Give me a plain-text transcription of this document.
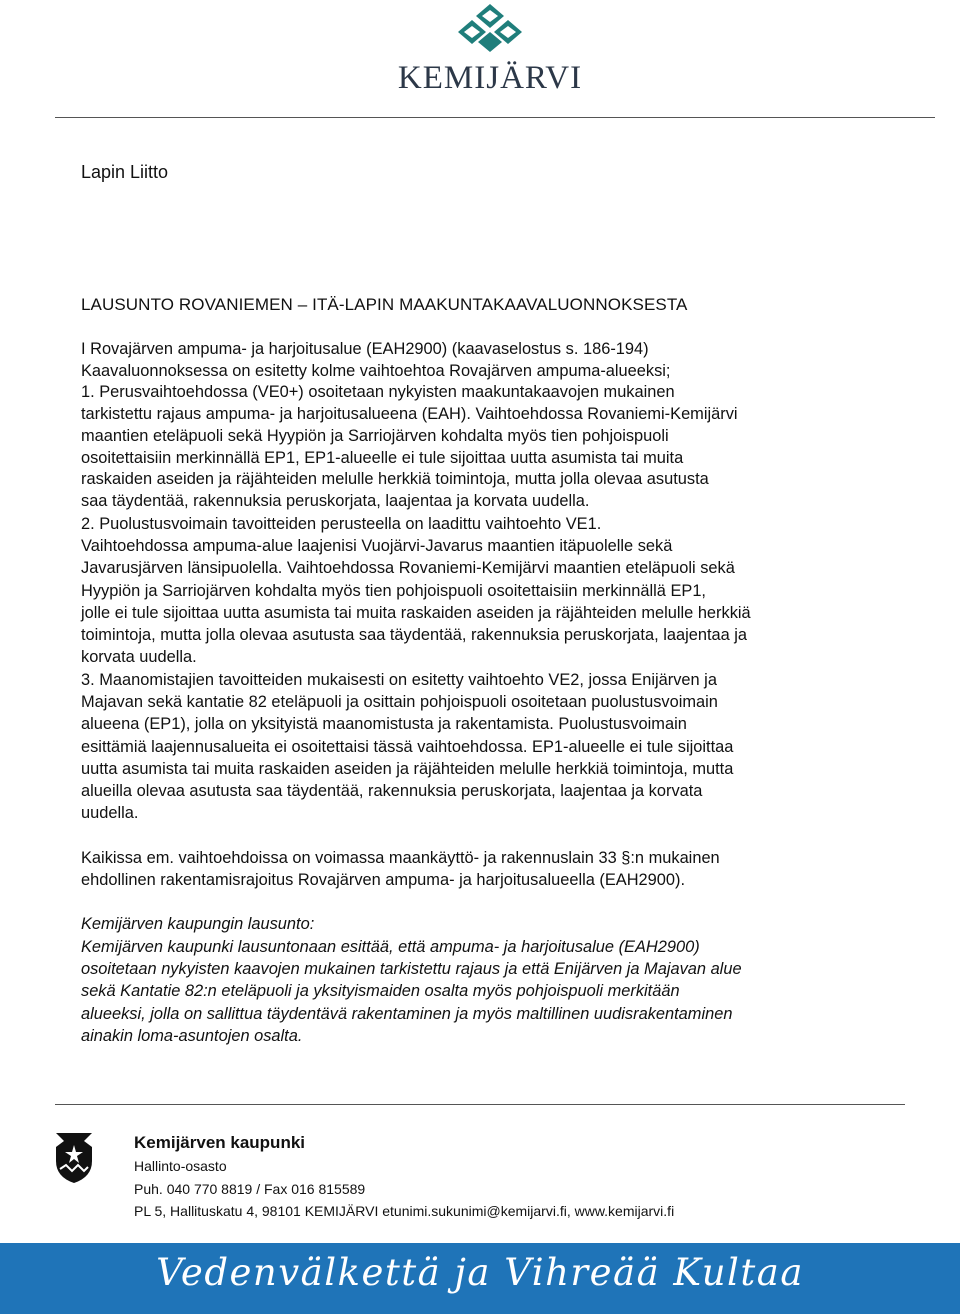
KEMIJÄRVI
Lapin Liitto
LAUSUNTO ROVANIEMEN – ITÄ-LAPIN MAAKUNTAKAAVALUONNOKSESTA

I Rovajärven ampuma- ja harjoitusalue (EAH2900) (kaavaselostus s. 186-194)

Kaavaluonnoksessa on esitetty kolme vaihtoehtoa Rovajärven ampuma-alueeksi;

1. Perusvaihtoehdossa (VE0+) osoitetaan nykyisten maakuntakaavojen mukainen

tarkistettu rajaus ampuma- ja harjoitusalueena (EAH). Vaihtoehdossa Rovaniemi-Kemijärvi

maantien eteläpuoli sekä Hyypiön ja Sarriojärven kohdalta myös tien pohjoispuoli

osoitettaisiin merkinnällä EP1, EP1-alueelle ei tule sijoittaa uutta asumista tai muita

raskaiden aseiden ja räjähteiden melulle herkkiä toimintoja, mutta jolla olevaa asutusta

saa täydentää, rakennuksia peruskorjata, laajentaa ja korvata uudella.

2. Puolustusvoimain tavoitteiden perusteella on laadittu vaihtoehto VE1.

Vaihtoehdossa ampuma-alue laajenisi Vuojärvi-Javarus maantien itäpuolelle sekä

Javarusjärven länsipuolella. Vaihtoehdossa Rovaniemi-Kemijärvi maantien eteläpuoli sekä

Hyypiön ja Sarriojärven kohdalta myös tien pohjoispuoli osoitettaisiin merkinnällä EP1,

jolle ei tule sijoittaa uutta asumista tai muita raskaiden aseiden ja räjähteiden melulle herkkiä

toimintoja, mutta jolla olevaa asutusta saa täydentää, rakennuksia peruskorjata, laajentaa ja

korvata uudella.

3. Maanomistajien tavoitteiden mukaisesti on esitetty vaihtoehto VE2, jossa Enijärven ja

Majavan sekä kantatie 82 eteläpuoli ja osittain pohjoispuoli osoitetaan puolustusvoimain

alueena (EP1), jolla on yksityistä maanomistusta ja rakentamista. Puolustusvoimain

esittämiä laajennusalueita ei osoitettaisi tässä vaihtoehdossa. EP1-alueelle ei tule sijoittaa

uutta asumista tai muita raskaiden aseiden ja räjähteiden melulle herkkiä toimintoja, mutta

alueilla olevaa asutusta saa täydentää, rakennuksia peruskorjata, laajentaa ja korvata

uudella.

Kaikissa em. vaihtoehdoissa on voimassa maankäyttö- ja rakennuslain 33 §:n mukainen

ehdollinen rakentamisrajoitus Rovajärven ampuma- ja harjoitusalueella (EAH2900).

Kemijärven kaupungin lausunto:

Kemijärven kaupunki lausuntonaan esittää, että ampuma- ja harjoitusalue (EAH2900)

osoitetaan nykyisten kaavojen mukainen tarkistettu rajaus ja että Enijärven ja Majavan alue

sekä Kantatie 82:n eteläpuoli ja yksityismaiden osalta myös pohjoispuoli merkitään

alueeksi, jolla on sallittua täydentävä rakentaminen ja myös maltillinen uudisrakentaminen

ainakin loma-asuntojen osalta.

Kemijärven kaupunki
Hallinto-osasto
Puh. 040 770 8819 / Fax 016 815589
PL 5, Hallituskatu 4, 98101 KEMIJÄRVI etunimi.sukunimi@kemijarvi.fi, www.kemijarvi.fi
Vedenvälkettä ja Vihreää Kultaa
